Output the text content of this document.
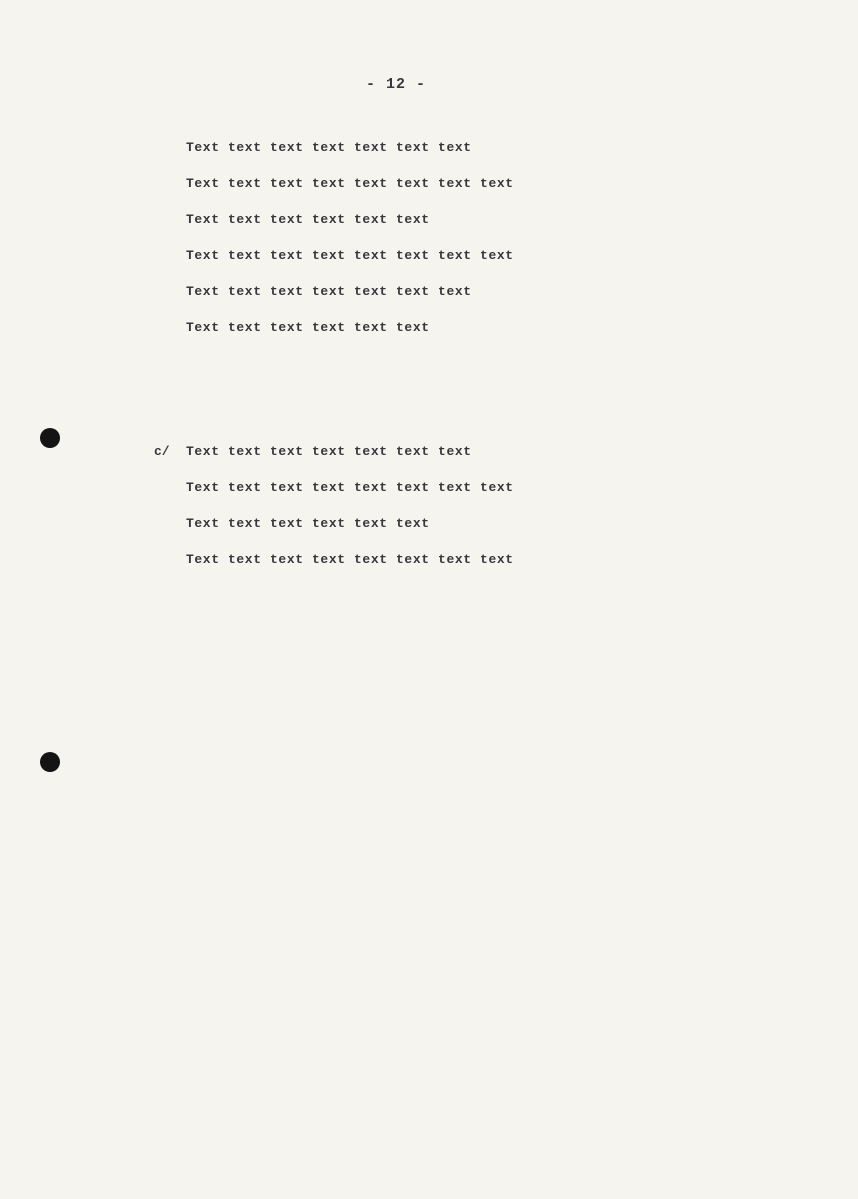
- 12 -
Text text text text text text text
Text text text text text text text text
Text text text text text text
Text text text text text text text text
Text text text text text text text
Text text text text text text
c/ Text text text text text text text
Text text text text text text text text
Text text text text text text
Text text text text text text text text
